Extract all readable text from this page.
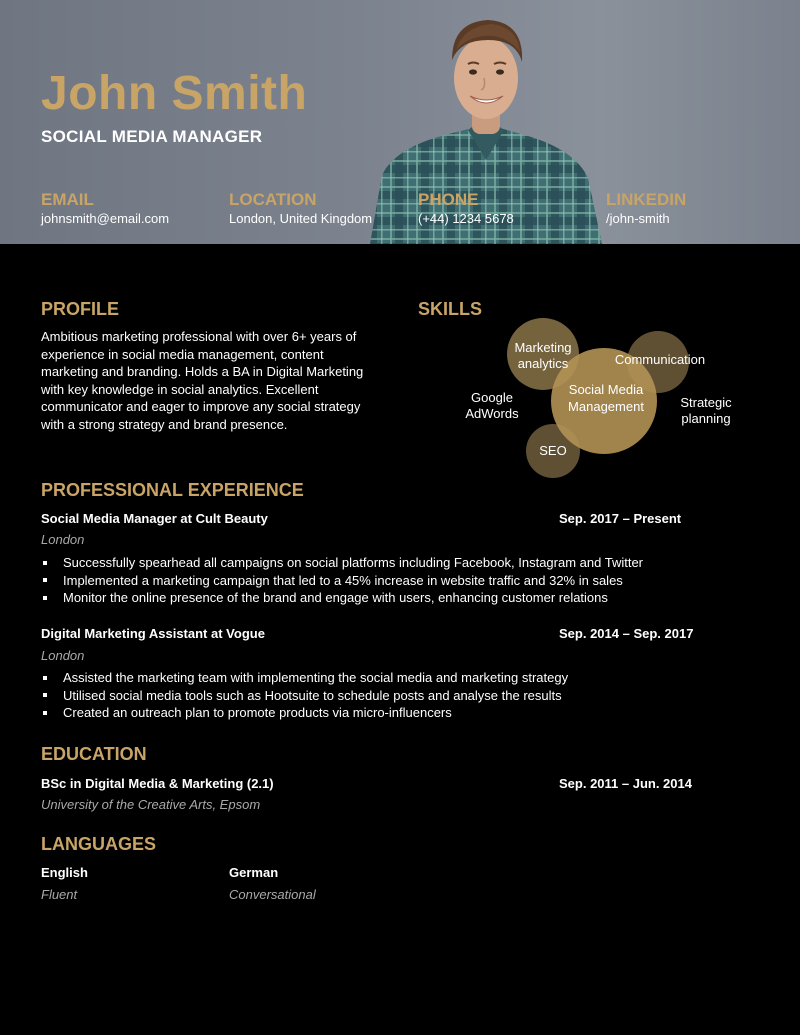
John Smith
SOCIAL MEDIA MANAGER
EMAIL
johnsmith@email.com
LOCATION
London, United Kingdom
PHONE
(+44) 1234 5678
LINKEDIN
/john-smith
PROFILE
Ambitious marketing professional with over 6+ years of experience in social media management, content marketing and branding. Holds a BA in Digital Marketing with key knowledge in social analytics. Excellent communicator and eager to improve any social strategy with a strong strategy and brand presence.
SKILLS
Marketing
analytics	Communication
Social Media
Management
Google
AdWords
Strategic
planning
SEO
PROFESSIONAL EXPERIENCE
Social Media Manager at Cult Beauty	Sep. 2017 – Present
London
Successfully spearhead all campaigns on social platforms including Facebook, Instagram and Twitter
Implemented a marketing campaign that led to a 45% increase in website traffic and 32% in sales
Monitor the online presence of the brand and engage with users, enhancing customer relations
Digital Marketing Assistant at Vogue	Sep. 2014 – Sep. 2017
London
Assisted the marketing team with implementing the social media and marketing strategy
Utilised social media tools such as Hootsuite to schedule posts and analyse the results
Created an outreach plan to promote products via micro-influencers
EDUCATION
BSc in Digital Media & Marketing (2.1)	Sep. 2011 – Jun. 2014
University of the Creative Arts, Epsom
LANGUAGES
English
Fluent
German
Conversational
